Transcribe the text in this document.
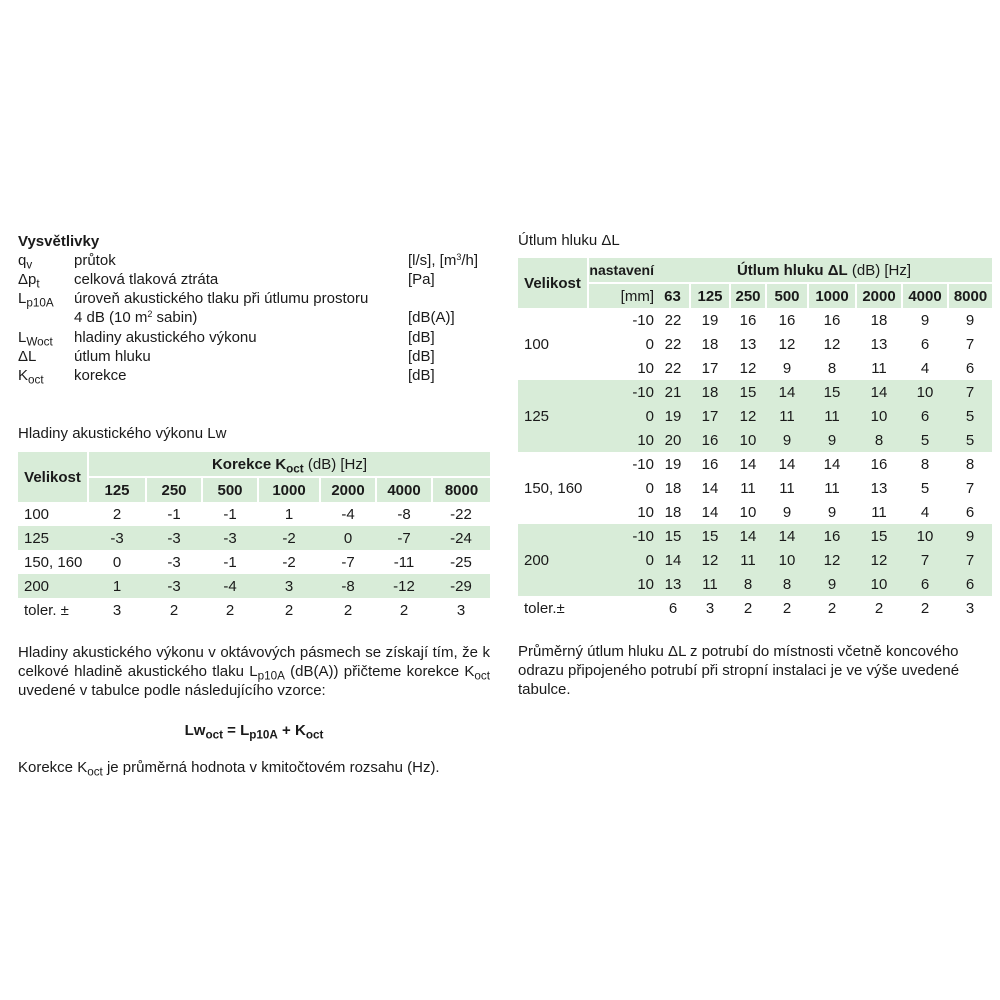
Vysvětlivky
$q_v$	průtok	[l/s], $[m^3/h]$
$\Delta p_t$ celková tlaková ztráta	[Pa]
$L_{p10A}$ úroveň akustického tlaku při útlumu prostoru
4 dB (10 $m^2$ sabin)	[dB(A)]
$L_{Woct}$ hladiny akustického výkonu	[dB]
ΔL	útlum hluku	[dB]
$K_{oct}$ korekce	[dB]
Hladiny akustického výkonu Lw
Velikost	Korekce $K_{oct}$ (dB) [Hz]						
	125	250	500	1000	2000	4000	8000
100	2	-1	-1	1	-4	-8	-22
125	-3	-3	-3	-2	0	-7	-24
150, 160	0	-3	-1	-2	-7	-11	-25
200	1	-3	-4	3	-8	-12	-29
toler. ±	3	2	2	2	2	2	3
Útlum hluku ΔL
Velikost	nastavení	Útlum hluku ΔL (dB) [Hz]							
	[mm]	63	125	250	500	1000	2000	4000	8000
100	-10	22	19	16	16	16	18	9	9
	0	22	18	13	12	12	13	6	7
	10	22	17	12	9	8	11	4	6
125	-10	21	18	15	14	15	14	10	7
	0	19	17	12	11	11	10	6	5
	10	20	16	10	9	9	8	5	5
150, 160	-10	19	16	14	14	14	16	8	8
	0	18	14	11	11	11	13	5	7
	10	18	14	10	9	9	11	4	6
200	-10	15	15	14	14	16	15	10	9
	0	14	12	11	10	12	12	7	7
	10	13	11	8	8	9	10	6	6
toler.±		6	3	2	2	2	2	2	3
Hladiny akustického výkonu v oktávových pásmech se získají tím, že k celkové hladině akustického tlaku $L_{p10A}$ (dB(A)) přičteme korekce $K_{oct}$ uvedené v tabulce podle následujícího vzorce:
$Lw_{oct} = L_{p10A} + K_{oct}$
Korekce $K_{oct}$ je průměrná hodnota v kmitočtovém rozsahu (Hz).
Průměrný útlum hluku ΔL z potrubí do místnosti včetně koncového odrazu připojeného potrubí při stropní instalaci je ve výše uvedené tabulce.
